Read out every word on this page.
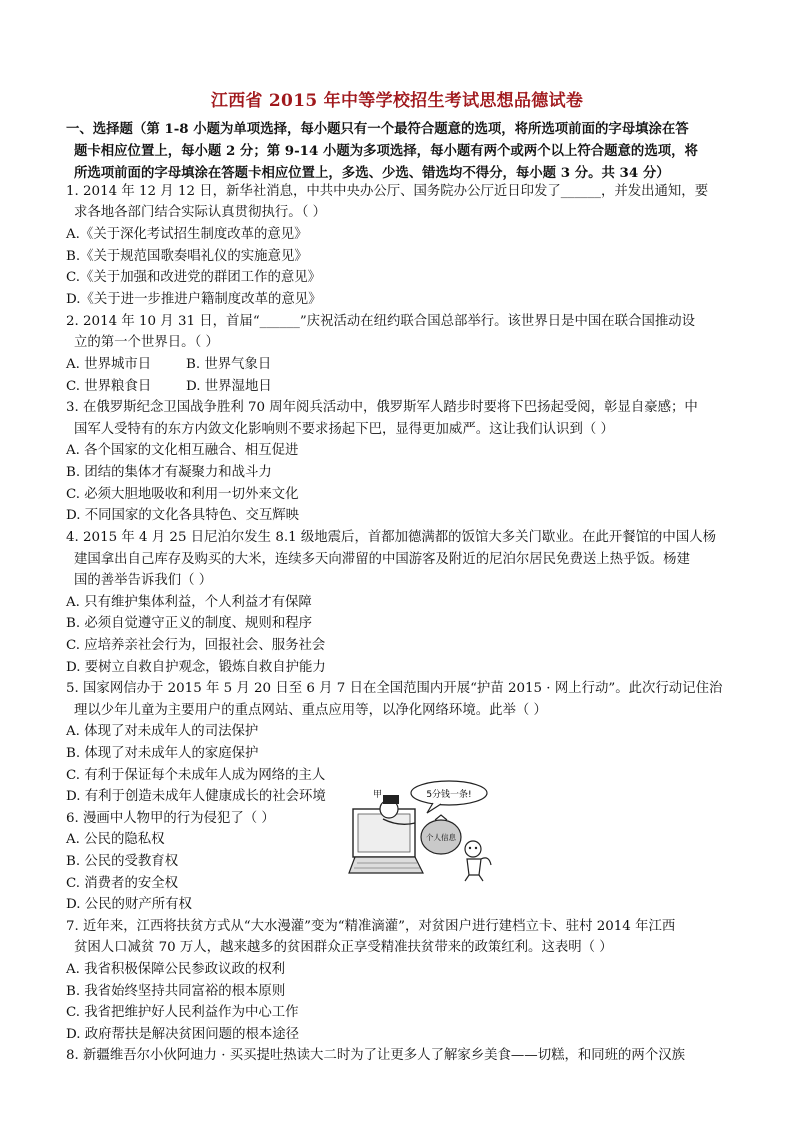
江西省 2015 年中等学校招生考试思想品德试卷
一、选择题（第 1-8 小题为单项选择，每小题只有一个最符合题意的选项，将所选项前面的字母填涂在答
题卡相应位置上，每小题 2 分；第 9-14 小题为多项选择，每小题有两个或两个以上符合题意的选项，将
所选项前面的字母填涂在答题卡相应位置上，多选、少选、错选均不得分，每小题 3 分。共 34 分）
1. 2014 年 12 月 12 日，新华社消息，中共中央办公厅、国务院办公厅近日印发了______，并发出通知，要
求各地各部门结合实际认真贯彻执行。（ ）
A.《关于深化考试招生制度改革的意见》
B.《关于规范国歌奏唱礼仪的实施意见》
C.《关于加强和改进党的群团工作的意见》
D.《关于进一步推进户籍制度改革的意见》
2. 2014 年 10 月 31 日，首届“______”庆祝活动在纽约联合国总部举行。该世界日是中国在联合国推动设
立的第一个世界日。（ ）
A. 世界城市日	B. 世界气象日
C. 世界粮食日	D. 世界湿地日
3. 在俄罗斯纪念卫国战争胜利 70 周年阅兵活动中，俄罗斯军人踏步时要将下巴扬起受阅，彰显自豪感；中
国军人受特有的东方内敛文化影响则不要求扬起下巴，显得更加威严。这让我们认识到（ ）
A. 各个国家的文化相互融合、相互促进
B. 团结的集体才有凝聚力和战斗力
C. 必须大胆地吸收和利用一切外来文化
D. 不同国家的文化各具特色、交互辉映
4. 2015 年 4 月 25 日尼泊尔发生 8.1 级地震后，首都加德满都的饭馆大多关门歇业。在此开餐馆的中国人杨
建国拿出自己库存及购买的大米，连续多天向滞留的中国游客及附近的尼泊尔居民免费送上热乎饭。杨建
国的善举告诉我们（ ）
A. 只有维护集体利益，个人利益才有保障
B. 必须自觉遵守正义的制度、规则和程序
C. 应培养亲社会行为，回报社会、服务社会
D. 要树立自救自护观念，锻炼自救自护能力
5. 国家网信办于 2015 年 5 月 20 日至 6 月 7 日在全国范围内开展“护苗 2015 · 网上行动”。此次行动记住治
理以少年儿童为主要用户的重点网站、重点应用等，以净化网络环境。此举（ ）
A. 体现了对未成年人的司法保护
B. 体现了对未成年人的家庭保护
C. 有利于保证每个未成年人成为网络的主人
D. 有利于创造未成年人健康成长的社会环境
6. 漫画中人物甲的行为侵犯了（ ）
A. 公民的隐私权
B. 公民的受教育权
C. 消费者的安全权
D. 公民的财产所有权
5分钱一条!
甲
个人信息
7. 近年来，江西将扶贫方式从“大水漫灌”变为“精准滴灌”，对贫困户进行建档立卡、驻村 2014 年江西
贫困人口减贫 70 万人，越来越多的贫困群众正享受精准扶贫带来的政策红利。这表明（ ）
A. 我省积极保障公民参政议政的权利
B. 我省始终坚持共同富裕的根本原则
C. 我省把维护好人民利益作为中心工作
D. 政府帮扶是解决贫困问题的根本途径
8. 新疆维吾尔小伙阿迪力 · 买买提吐热读大二时为了让更多人了解家乡美食——切糕，和同班的两个汉族
